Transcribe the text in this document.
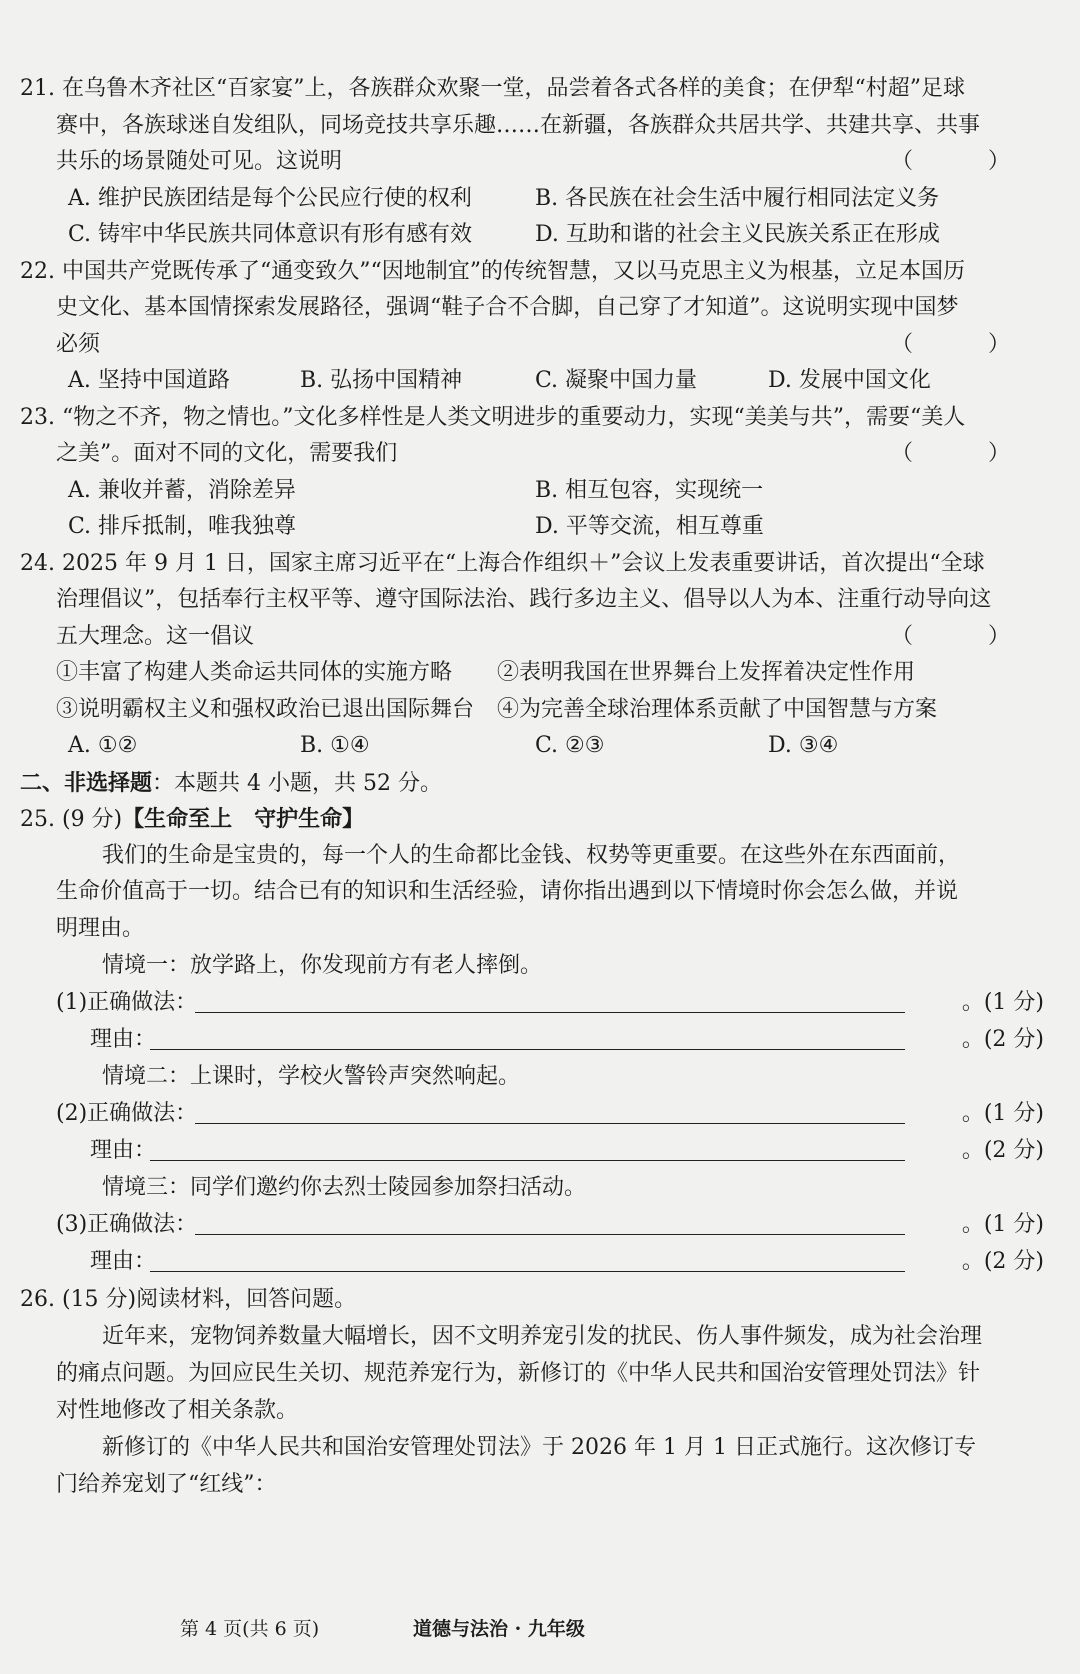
21. 在乌鲁木齐社区“百家宴”上，各族群众欢聚一堂，品尝着各式各样的美食；在伊犁“村超”足球
赛中，各族球迷自发组队，同场竞技共享乐趣……在新疆，各族群众共居共学、共建共享、共事
共乐的场景随处可见。这说明	（ ）
A. 维护民族团结是每个公民应行使的权利	B. 各民族在社会生活中履行相同法定义务
C. 铸牢中华民族共同体意识有形有感有效	D. 互助和谐的社会主义民族关系正在形成
22. 中国共产党既传承了“通变致久”“因地制宜”的传统智慧，又以马克思主义为根基，立足本国历
史文化、基本国情探索发展路径，强调“鞋子合不合脚，自己穿了才知道”。这说明实现中国梦
必须	（ ）
A. 坚持中国道路	B. 弘扬中国精神	C. 凝聚中国力量	D. 发展中国文化
23. “物之不齐，物之情也。”文化多样性是人类文明进步的重要动力，实现“美美与共”，需要“美人
之美”。面对不同的文化，需要我们	（ ）
A. 兼收并蓄，消除差异	B. 相互包容，实现统一
C. 排斥抵制，唯我独尊	D. 平等交流，相互尊重
24. 2025 年 9 月 1 日，国家主席习近平在“上海合作组织＋”会议上发表重要讲话，首次提出“全球
治理倡议”，包括奉行主权平等、遵守国际法治、践行多边主义、倡导以人为本、注重行动导向这
五大理念。这一倡议	（ ）
①丰富了构建人类命运共同体的实施方略 ②表明我国在世界舞台上发挥着决定性作用
③说明霸权主义和强权政治已退出国际舞台 ④为完善全球治理体系贡献了中国智慧与方案
A. ①②	B. ①④	C. ②③	D. ③④
二、非选择题：本题共 4 小题，共 52 分。
25. (9 分)【生命至上　守护生命】
我们的生命是宝贵的，每一个人的生命都比金钱、权势等更重要。在这些外在东西面前，
生命价值高于一切。结合已有的知识和生活经验，请你指出遇到以下情境时你会怎么做，并说
明理由。
情境一：放学路上，你发现前方有老人摔倒。
(1)正确做法：	。(1 分)
理由：	。(2 分)
情境二：上课时，学校火警铃声突然响起。
(2)正确做法：	。(1 分)
理由：	。(2 分)
情境三：同学们邀约你去烈士陵园参加祭扫活动。
(3)正确做法：	。(1 分)
理由：	。(2 分)
26. (15 分)阅读材料，回答问题。
近年来，宠物饲养数量大幅增长，因不文明养宠引发的扰民、伤人事件频发，成为社会治理
的痛点问题。为回应民生关切、规范养宠行为，新修订的《中华人民共和国治安管理处罚法》针
对性地修改了相关条款。
新修订的《中华人民共和国治安管理处罚法》于 2026 年 1 月 1 日正式施行。这次修订专
门给养宠划了“红线”：
第 4 页(共 6 页)	道德与法治 · 九年级
